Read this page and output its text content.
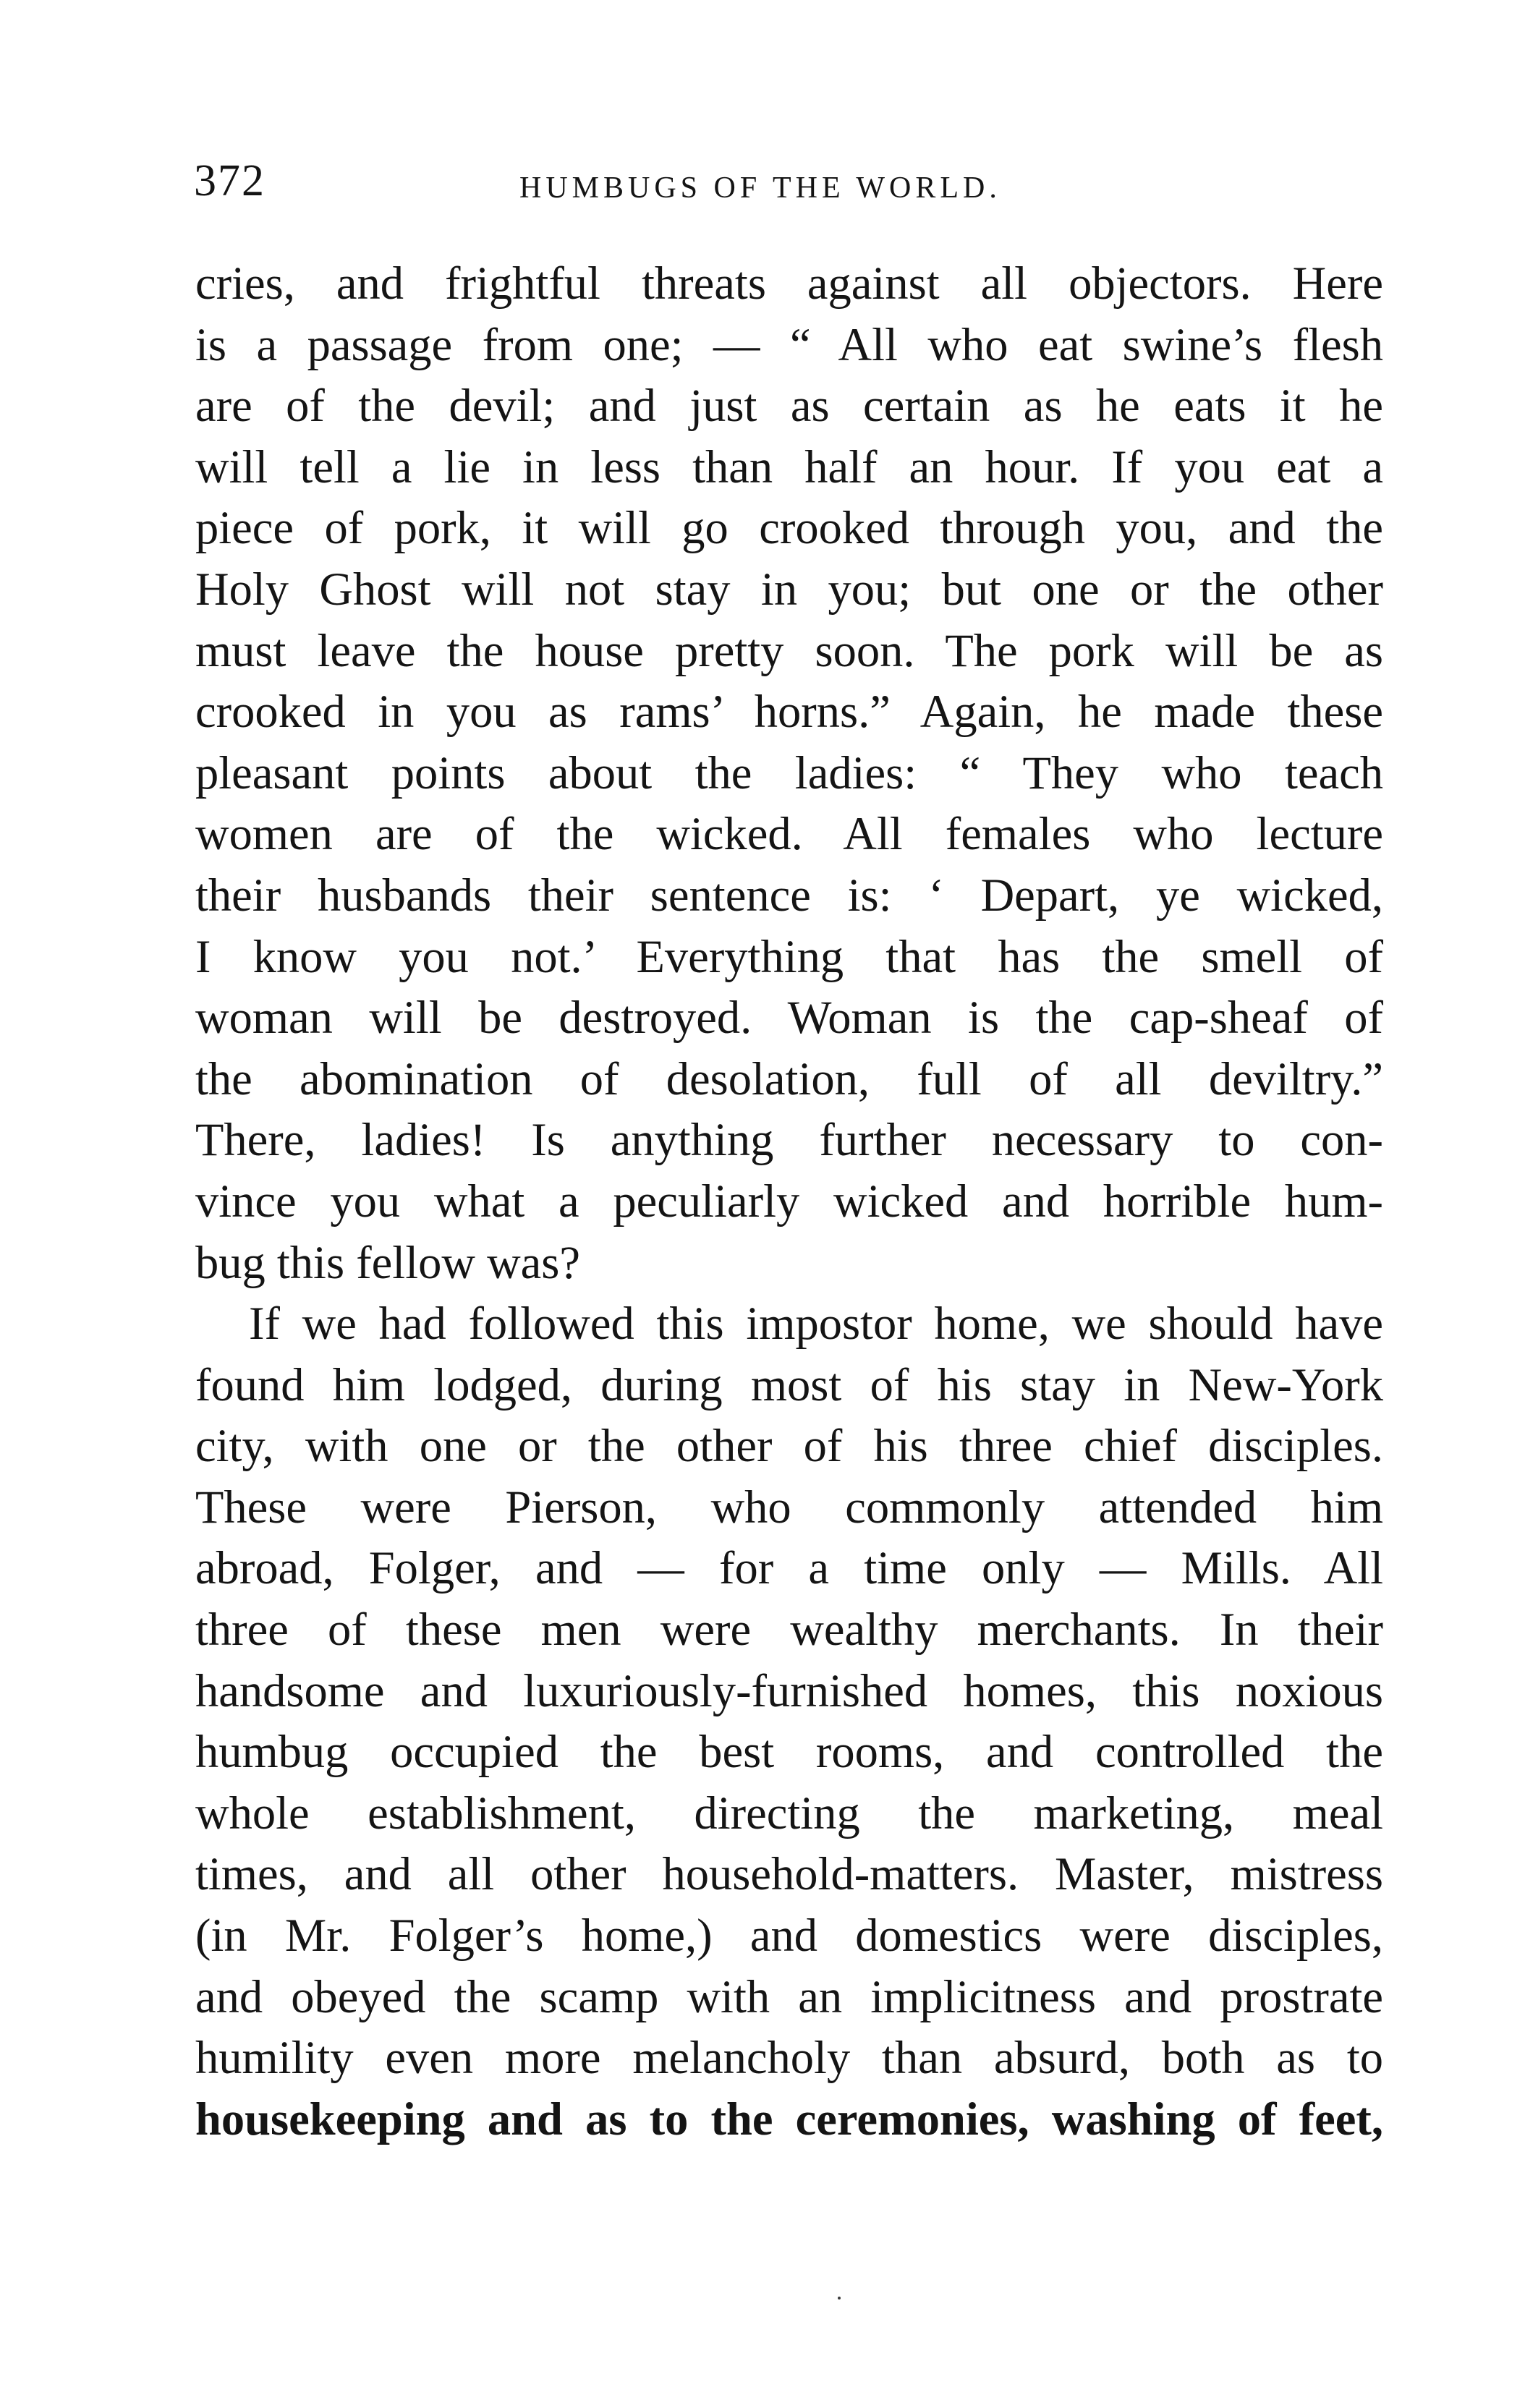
372	HUMBUGS OF THE WORLD.
cries, and frightful threats against all objectors. Here
is a passage from one; — “ All who eat swine’s flesh
are of the devil; and just as certain as he eats it he
will tell a lie in less than half an hour. If you eat a
piece of pork, it will go crooked through you, and the
Holy Ghost will not stay in you; but one or the other
must leave the house pretty soon. The pork will be as
crooked in you as rams’ horns.” Again, he made these
pleasant points about the ladies: “ They who teach
women are of the wicked. All females who lecture
their husbands their sentence is: ‘ Depart, ye wicked,
I know you not.’ Everything that has the smell of
woman will be destroyed. Woman is the cap-sheaf of
the abomination of desolation, full of all deviltry.”
There, ladies! Is anything further necessary to con-
vince you what a peculiarly wicked and horrible hum-
bug this fellow was?
If we had followed this impostor home, we should have
found him lodged, during most of his stay in New-York
city, with one or the other of his three chief disciples.
These were Pierson, who commonly attended him
abroad, Folger, and — for a time only — Mills. All
three of these men were wealthy merchants. In their
handsome and luxuriously-furnished homes, this noxious
humbug occupied the best rooms, and controlled the
whole establishment, directing the marketing, meal
times, and all other household-matters. Master, mistress
(in Mr. Folger’s home,) and domestics were disciples,
and obeyed the scamp with an implicitness and prostrate
humility even more melancholy than absurd, both as to
housekeeping and as to the ceremonies, washing of feet,
